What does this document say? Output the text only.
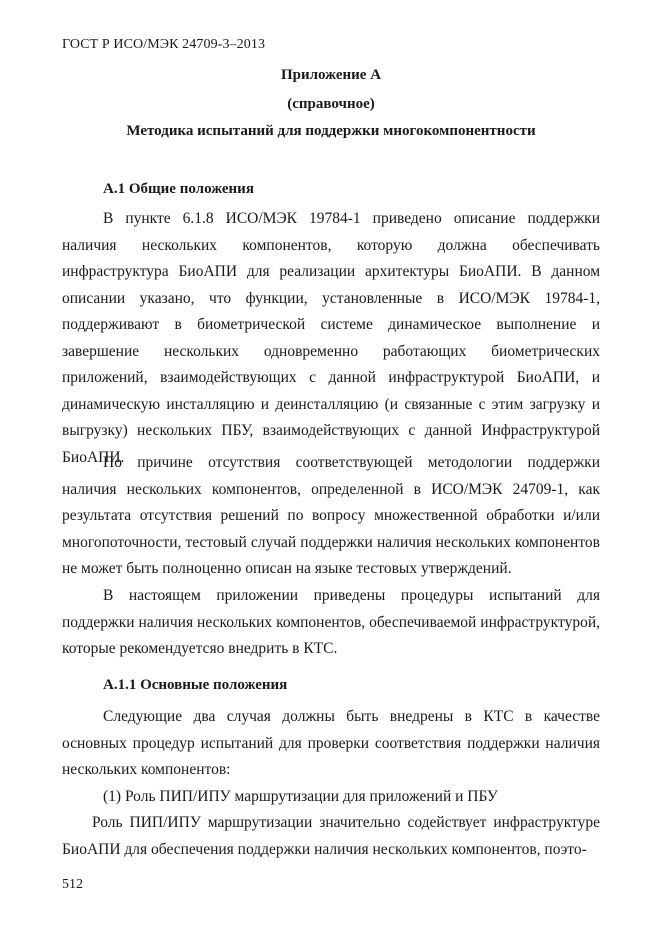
ГОСТ Р ИСО/МЭК 24709-3–2013
Приложение А
(справочное)
Методика испытаний для поддержки многокомпонентности
А.1 Общие положения

В пункте 6.1.8 ИСО/МЭК 19784-1 приведено описание поддержки наличия нескольких компонентов, которую должна обеспечивать инфраструктура БиоАПИ для реализации архитектуры БиоАПИ. В данном описании указано, что функции, установленные в ИСО/МЭК 19784-1, поддерживают в биометрической системе динамическое выполнение и завершение нескольких одновременно работающих биометрических приложений, взаимодействующих с данной инфраструктурой БиоАПИ, и динамическую инсталляцию и деинсталляцию (и связанные с этим загрузку и выгрузку) нескольких ПБУ, взаимодействующих с данной Инфраструктурой БиоАПИ.

По причине отсутствия соответствующей методологии поддержки наличия нескольких компонентов, определенной в ИСО/МЭК 24709-1, как результата отсутствия решений по вопросу множественной обработки и/или многопоточности, тестовый случай поддержки наличия нескольких компонентов не может быть полноценно описан на языке тестовых утверждений.

В настоящем приложении приведены процедуры испытаний для поддержки наличия нескольких компонентов, обеспечиваемой инфраструктурой, которые рекомендуетсяо внедрить в КТС.

А.1.1 Основные положения

Следующие два случая должны быть внедрены в КТС в качестве основных процедур испытаний для проверки соответствия поддержки наличия нескольких компонентов:

(1) Роль ПИП/ИПУ маршрутизации для приложений и ПБУ

Роль ПИП/ИПУ маршрутизации значительно содействует инфраструктуре БиоАПИ для обеспечения поддержки наличия нескольких компонентов, поэто-

512
